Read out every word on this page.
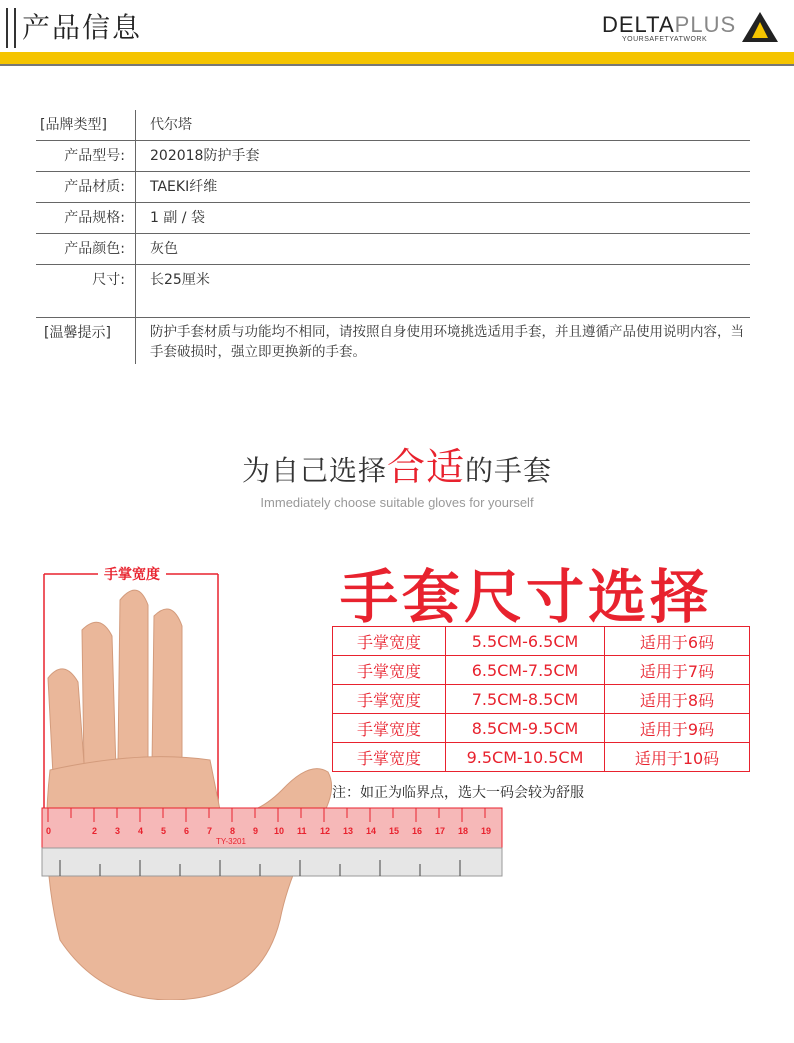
产品信息	DELTAPLUS
YOURSAFETYATWORK
[品牌类型]	代尔塔
产品型号:	202018防护手套
产品材质:	TAEKI纤维
产品规格:	1 副 / 袋
产品颜色:	灰色
尺寸:	长25厘米
[温馨提示]	防护手套材质与功能均不相同，请按照自身使用环境挑选适用手套，并且遵循产品使用说明内容，当手套破损时，强立即更换新的手套。
为自己选择合适的手套
Immediately choose suitable gloves for yourself
0	2 3 4 5 6 7 8 9 10 11 12 13 14 15 16 17 18 19
TY-3201
手掌宽度	手套尺寸选择
手掌宽度	5.5CM-6.5CM	适用于6码
手掌宽度	6.5CM-7.5CM	适用于7码
手掌宽度	7.5CM-8.5CM	适用于8码
手掌宽度	8.5CM-9.5CM	适用于9码
手掌宽度	9.5CM-10.5CM	适用于10码
注：如正为临界点，选大一码会较为舒服
